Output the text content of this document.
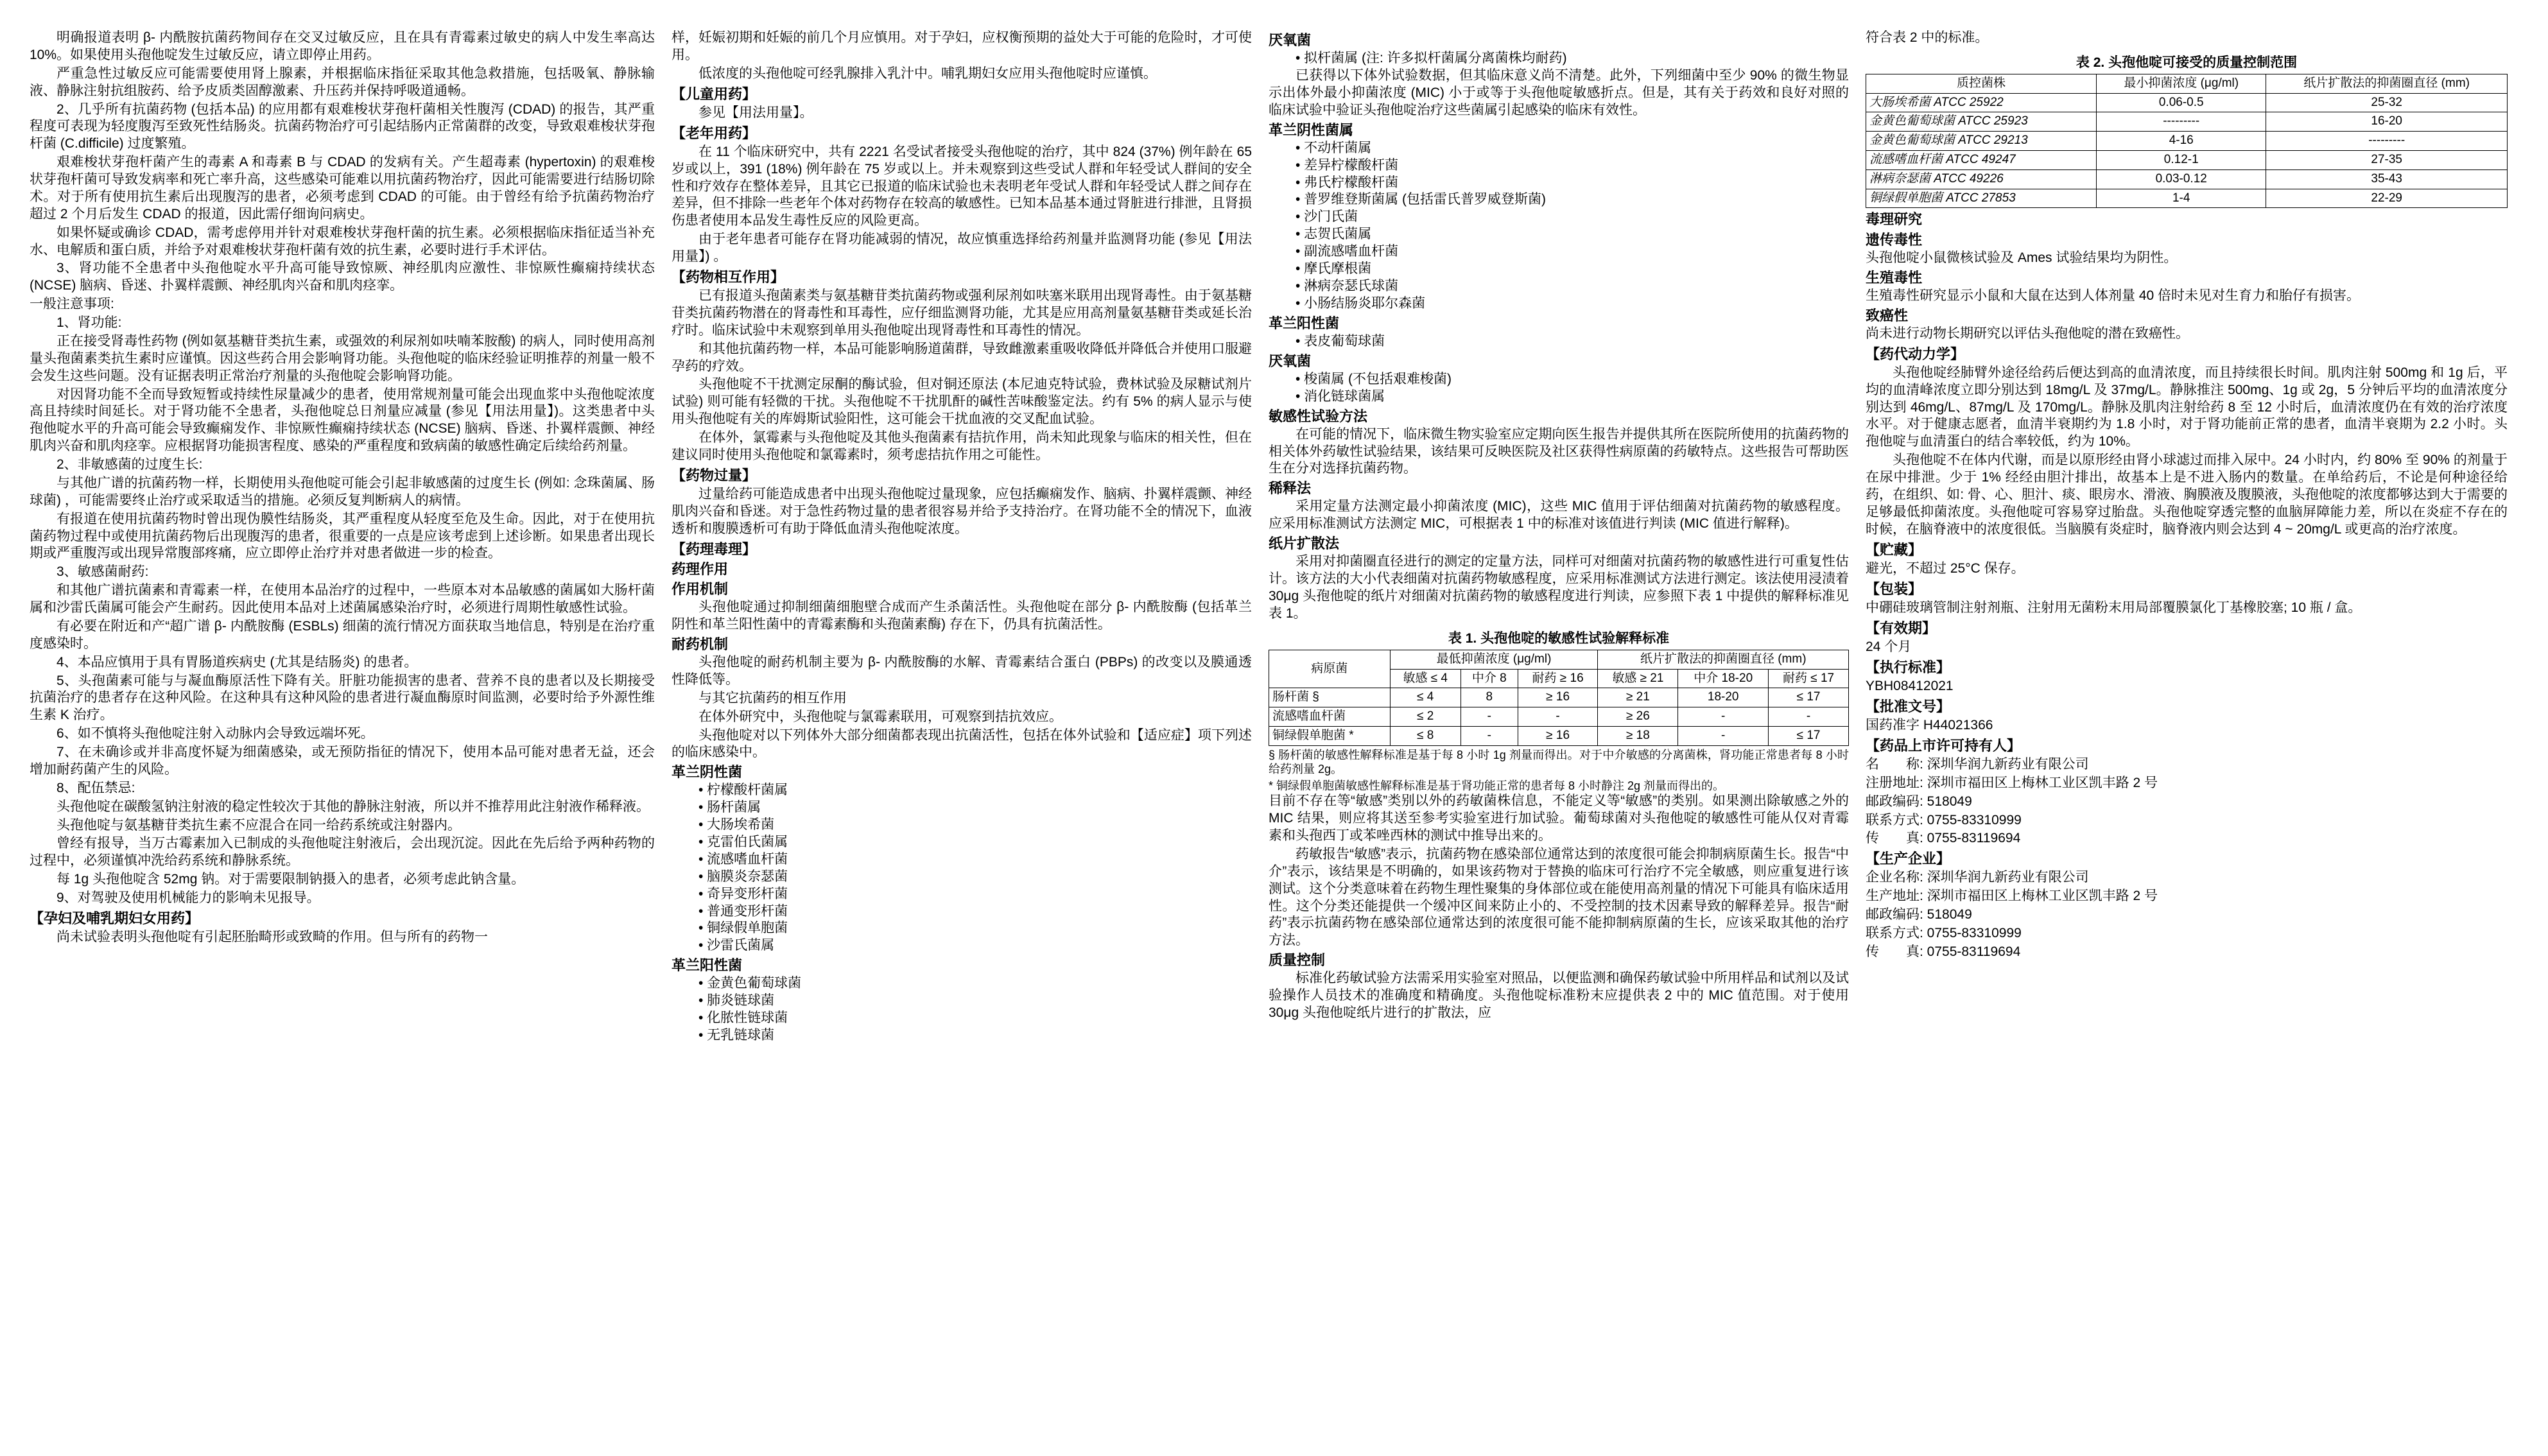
明确报道表明 β- 内酰胺抗菌药物间存在交叉过敏反应，且在具有青霉素过敏史的病人中发生率高达 10%。如果使用头孢他啶发生过敏反应，请立即停止用药。

严重急性过敏反应可能需要使用肾上腺素，并根据临床指征采取其他急救措施，包括吸氧、静脉输液、静脉注射抗组胺药、给予皮质类固醇激素、升压药并保持呼吸道通畅。

2、几乎所有抗菌药物 (包括本品) 的应用都有艰难梭状芽孢杆菌相关性腹泻 (CDAD) 的报告，其严重程度可表现为轻度腹泻至致死性结肠炎。抗菌药物治疗可引起结肠内正常菌群的改变，导致艰难梭状芽孢杆菌 (C.difficile) 过度繁殖。

艰难梭状芽孢杆菌产生的毒素 A 和毒素 B 与 CDAD 的发病有关。产生超毒素 (hypertoxin) 的艰难梭状芽孢杆菌可导致发病率和死亡率升高，这些感染可能难以用抗菌药物治疗，因此可能需要进行结肠切除术。对于所有使用抗生素后出现腹泻的患者，必须考虑到 CDAD 的可能。由于曾经有给予抗菌药物治疗超过 2 个月后发生 CDAD 的报道，因此需仔细询问病史。

如果怀疑或确诊 CDAD，需考虑停用并针对艰难梭状芽孢杆菌的抗生素。必须根据临床指征适当补充水、电解质和蛋白质，并给予对艰难梭状芽孢杆菌有效的抗生素，必要时进行手术评估。

3、肾功能不全患者中头孢他啶水平升高可能导致惊厥、神经肌肉应激性、非惊厥性癫痫持续状态 (NCSE) 脑病、昏迷、扑翼样震颤、神经肌肉兴奋和肌肉痉挛。

一般注意事项:

1、肾功能:

正在接受肾毒性药物 (例如氨基糖苷类抗生素，或强效的利尿剂如呋喃苯胺酸) 的病人，同时使用高剂量头孢菌素类抗生素时应谨慎。因这些药合用会影响肾功能。头孢他啶的临床经验证明推荐的剂量一般不会发生这些问题。没有证据表明正常治疗剂量的头孢他啶会影响肾功能。

对因肾功能不全而导致短暂或持续性尿量减少的患者，使用常规剂量可能会出现血浆中头孢他啶浓度高且持续时间延长。对于肾功能不全患者，头孢他啶总日剂量应减量 (参见【用法用量】)。这类患者中头孢他啶水平的升高可能会导致癫痫发作、非惊厥性癫痫持续状态 (NCSE) 脑病、昏迷、扑翼样震颤、神经肌肉兴奋和肌肉痉挛。应根据肾功能损害程度、感染的严重程度和致病菌的敏感性确定后续给药剂量。

2、非敏感菌的过度生长:

与其他广谱的抗菌药物一样，长期使用头孢他啶可能会引起非敏感菌的过度生长 (例如: 念珠菌属、肠球菌) ，可能需要终止治疗或采取适当的措施。必须反复判断病人的病情。

有报道在使用抗菌药物时曾出现伪膜性结肠炎，其严重程度从轻度至危及生命。因此，对于在使用抗菌药物过程中或使用抗菌药物后出现腹泻的患者，很重要的一点是应该考虑到上述诊断。如果患者出现长期或严重腹泻或出现异常腹部疼痛，应立即停止治疗并对患者做进一步的检查。

3、敏感菌耐药:

和其他广谱抗菌素和青霉素一样，在使用本品治疗的过程中，一些原本对本品敏感的菌属如大肠杆菌属和沙雷氏菌属可能会产生耐药。因此使用本品对上述菌属感染治疗时，必须进行周期性敏感性试验。

有必要在附近和产“超广谱 β- 内酰胺酶 (ESBLs) 细菌的流行情况方面获取当地信息，特别是在治疗重度感染时。

4、本品应慎用于具有胃肠道疾病史 (尤其是结肠炎) 的患者。

5、头孢菌素可能与与凝血酶原活性下降有关。肝脏功能损害的患者、营养不良的患者以及长期接受抗菌治疗的患者存在这种风险。在这种具有这种风险的患者进行凝血酶原时间监测，必要时给予外源性维生素 K 治疗。

6、如不慎将头孢他啶注射入动脉内会导致远端坏死。

7、在未确诊或并非高度怀疑为细菌感染，或无预防指征的情况下，使用本品可能对患者无益，还会增加耐药菌产生的风险。

8、配伍禁忌:

头孢他啶在碳酸氢钠注射液的稳定性较次于其他的静脉注射液，所以并不推荐用此注射液作稀释液。

头孢他啶与氨基糖苷类抗生素不应混合在同一给药系统或注射器内。

曾经有报导，当万古霉素加入已制成的头孢他啶注射液后，会出现沉淀。因此在先后给予两种药物的过程中，必须谨慎冲洗给药系统和静脉系统。

每 1g 头孢他啶含 52mg 钠。对于需要限制钠摄入的患者，必须考虑此钠含量。

9、对驾驶及使用机械能力的影响未见报导。

【孕妇及哺乳期妇女用药】

尚未试验表明头孢他啶有引起胚胎畸形或致畸的作用。但与所有的药物一

样，妊娠初期和妊娠的前几个月应慎用。对于孕妇，应权衡预期的益处大于可能的危险时，才可使用。

低浓度的头孢他啶可经乳腺排入乳汁中。哺乳期妇女应用头孢他啶时应谨慎。

【儿童用药】

参见【用法用量】。

【老年用药】

在 11 个临床研究中，共有 2221 名受试者接受头孢他啶的治疗，其中 824 (37%) 例年龄在 65 岁或以上，391 (18%) 例年龄在 75 岁或以上。并未观察到这些受试人群和年轻受试人群间的安全性和疗效存在整体差异，且其它已报道的临床试验也未表明老年受试人群和年轻受试人群之间存在差异，但不排除一些老年个体对药物存在较高的敏感性。已知本品基本通过肾脏进行排泄，且肾损伤患者使用本品发生毒性反应的风险更高。

由于老年患者可能存在肾功能减弱的情况，故应慎重选择给药剂量并监测肾功能 (参见【用法用量】) 。

【药物相互作用】

已有报道头孢菌素类与氨基糖苷类抗菌药物或强利尿剂如呋塞米联用出现肾毒性。由于氨基糖苷类抗菌药物潜在的肾毒性和耳毒性，应仔细监测肾功能，尤其是应用高剂量氨基糖苷类或延长治疗时。临床试验中未观察到单用头孢他啶出现肾毒性和耳毒性的情况。

和其他抗菌药物一样，本品可能影响肠道菌群，导致雌激素重吸收降低并降低合并使用口服避孕药的疗效。

头孢他啶不干扰测定尿酮的酶试验，但对铜还原法 (本尼迪克特试验，费林试验及尿糖试剂片试验) 则可能有轻微的干扰。头孢他啶不干扰肌酐的碱性苦味酸鉴定法。约有 5% 的病人显示与使用头孢他啶有关的库姆斯试验阳性，这可能会干扰血液的交叉配血试验。

在体外，氯霉素与头孢他啶及其他头孢菌素有拮抗作用，尚未知此现象与临床的相关性，但在建议同时使用头孢他啶和氯霉素时，须考虑拮抗作用之可能性。

【药物过量】

过量给药可能造成患者中出现头孢他啶过量现象，应包括癫痫发作、脑病、扑翼样震颤、神经肌肉兴奋和昏迷。对于急性药物过量的患者很容易并给予支持治疗。在肾功能不全的情况下，血液透析和腹膜透析可有助于降低血清头孢他啶浓度。

【药理毒理】

药理作用

作用机制

头孢他啶通过抑制细菌细胞壁合成而产生杀菌活性。头孢他啶在部分 β- 内酰胺酶 (包括革兰阴性和革兰阳性菌中的青霉素酶和头孢菌素酶) 存在下，仍具有抗菌活性。

耐药机制

头孢他啶的耐药机制主要为 β- 内酰胺酶的水解、青霉素结合蛋白 (PBPs) 的改变以及膜通透性降低等。

与其它抗菌药的相互作用

在体外研究中，头孢他啶与氯霉素联用，可观察到拮抗效应。

头孢他啶对以下列体外大部分细菌都表现出抗菌活性，包括在体外试验和【适应症】项下列述的临床感染中。

革兰阴性菌

• 柠檬酸杆菌属

• 肠杆菌属

• 大肠埃希菌

• 克雷伯氏菌属

• 流感嗜血杆菌

• 脑膜炎奈瑟菌

• 奇异变形杆菌

• 普通变形杆菌

• 铜绿假单胞菌

• 沙雷氏菌属

革兰阳性菌

• 金黄色葡萄球菌

• 肺炎链球菌

• 化脓性链球菌

• 无乳链球菌

厌氧菌

• 拟杆菌属 (注: 许多拟杆菌属分离菌株均耐药)

已获得以下体外试验数据，但其临床意义尚不清楚。此外，下列细菌中至少 90% 的微生物显示出体外最小抑菌浓度 (MIC) 小于或等于头孢他啶敏感折点。但是，其有关于药效和良好对照的临床试验中验证头孢他啶治疗这些菌属引起感染的临床有效性。

革兰阴性菌属

• 不动杆菌属

• 差异柠檬酸杆菌

• 弗氏柠檬酸杆菌

• 普罗维登斯菌属 (包括雷氏普罗威登斯菌)

• 沙门氏菌

• 志贺氏菌属

• 副流感嗜血杆菌

• 摩氏摩根菌

• 淋病奈瑟氏球菌

• 小肠结肠炎耶尔森菌

革兰阳性菌

• 表皮葡萄球菌

厌氧菌

• 梭菌属 (不包括艰难梭菌)

• 消化链球菌属

敏感性试验方法

在可能的情况下，临床微生物实验室应定期向医生报告并提供其所在医院所使用的抗菌药物的相关体外药敏性试验结果，该结果可反映医院及社区获得性病原菌的药敏特点。这些报告可帮助医生在分对选择抗菌药物。

稀释法

采用定量方法测定最小抑菌浓度 (MIC)，这些 MIC 值用于评估细菌对抗菌药物的敏感程度。应采用标准测试方法测定 MIC，可根据表 1 中的标准对该值进行判读 (MIC 值进行解释)。

纸片扩散法

采用对抑菌圈直径进行的测定的定量方法，同样可对细菌对抗菌药物的敏感性进行可重复性估计。该方法的大小代表细菌对抗菌药物敏感程度，应采用标准测试方法进行测定。该法使用浸渍着 30μg 头孢他啶的纸片对细菌对抗菌药物的敏感程度进行判读，应参照下表 1 中提供的解释标准见表 1。

表 1. 头孢他啶的敏感性试验解释标准
病原菌	最低抑菌浓度 (μg/ml)			纸片扩散法的抑菌圈直径 (mm)		
	敏感 ≤ 4	中介 8	耐药 ≥ 16	敏感 ≥ 21	中介 18-20	耐药 ≤ 17
肠杆菌 §	≤ 4	8	≥ 16	≥ 21	18-20	≤ 17
流感嗜血杆菌	≤ 2	-	-	≥ 26	-	-
铜绿假单胞菌 *	≤ 8	-	≥ 16	≥ 18	-	≤ 17

§ 肠杆菌的敏感性解释标准是基于每 8 小时 1g 剂量而得出。对于中介敏感的分离菌株，肾功能正常患者每 8 小时给药剂量 2g。

* 铜绿假单胞菌敏感性解释标准是基于肾功能正常的患者每 8 小时静注 2g 剂量而得出的。

目前不存在等“敏感”类别以外的药敏菌株信息，不能定义等“敏感”的类别。如果测出除敏感之外的 MIC 结果，则应将其送至参考实验室进行加试验。葡萄球菌对头孢他啶的敏感性可能从仅对青霉素和头孢西丁或苯唑西林的测试中推导出来的。

药敏报告“敏感”表示，抗菌药物在感染部位通常达到的浓度很可能会抑制病原菌生长。报告“中介”表示，该结果是不明确的，如果该药物对于替换的临床可行治疗不完全敏感，则应重复进行该测试。这个分类意味着在药物生理性聚集的身体部位或在能使用高剂量的情况下可能具有临床适用性。这个分类还能提供一个缓冲区间来防止小的、不受控制的技术因素导致的解释差异。报告“耐药”表示抗菌药物在感染部位通常达到的浓度很可能不能抑制病原菌的生长，应该采取其他的治疗方法。

质量控制

标准化药敏试验方法需采用实验室对照品，以便监测和确保药敏试验中所用样品和试剂以及试验操作人员技术的准确度和精确度。头孢他啶标准粉末应提供表 2 中的 MIC 值范围。对于使用 30μg 头孢他啶纸片进行的扩散法，应

符合表 2 中的标准。

表 2. 头孢他啶可接受的质量控制范围
质控菌株	最小抑菌浓度 (μg/ml)	纸片扩散法的抑菌圈直径 (mm)
大肠埃希菌 ATCC 25922	0.06-0.5	25-32
金黄色葡萄球菌 ATCC 25923	---------	16-20
金黄色葡萄球菌 ATCC 29213	4-16	---------
流感嗜血杆菌 ATCC 49247	0.12-1	27-35
淋病奈瑟菌 ATCC 49226	0.03-0.12	35-43
铜绿假单胞菌 ATCC 27853	1-4	22-29

毒理研究

遗传毒性

头孢他啶小鼠微核试验及 Ames 试验结果均为阴性。

生殖毒性

生殖毒性研究显示小鼠和大鼠在达到人体剂量 40 倍时未见对生育力和胎仔有损害。

致癌性

尚未进行动物长期研究以评估头孢他啶的潜在致癌性。

【药代动力学】

头孢他啶经肺臂外途径给药后便达到高的血清浓度，而且持续很长时间。肌肉注射 500mg 和 1g 后，平均的血清峰浓度立即分别达到 18mg/L 及 37mg/L。静脉推注 500mg、1g 或 2g，5 分钟后平均的血清浓度分别达到 46mg/L、87mg/L 及 170mg/L。静脉及肌肉注射给药 8 至 12 小时后，血清浓度仍在有效的治疗浓度水平。对于健康志愿者，血清半衰期约为 1.8 小时，对于肾功能前正常的患者，血清半衰期为 2.2 小时。头孢他啶与血清蛋白的结合率较低，约为 10%。

头孢他啶不在体内代谢，而是以原形经由肾小球滤过而排入尿中。24 小时内，约 80% 至 90% 的剂量于在尿中排泄。少于 1% 经经由胆汁排出，故基本上是不进入肠内的数量。在单给药后，不论是何种途径给药，在组织、如: 骨、心、胆汁、痰、眼房水、滑液、胸膜液及腹膜液，头孢他啶的浓度都够达到大于需要的足够最低抑菌浓度。头孢他啶可容易穿过胎盘。头孢他啶穿透完整的血脑屏障能力差，所以在炎症不存在的时候，在脑脊液中的浓度很低。当脑膜有炎症时，脑脊液内则会达到 4 ~ 20mg/L 或更高的治疗浓度。

【贮藏】

避光，不超过 25°C 保存。

【包装】

中硼硅玻璃管制注射剂瓶、注射用无菌粉末用局部覆膜氯化丁基橡胶塞; 10 瓶 / 盒。

【有效期】

24 个月

【执行标准】

YBH08412021

【批准文号】

国药准字 H44021366

【药品上市许可持有人】

名　　称: 深圳华润九新药业有限公司

注册地址: 深圳市福田区上梅林工业区凯丰路 2 号

邮政编码: 518049

联系方式: 0755-83310999

传　　真: 0755-83119694

【生产企业】

企业名称: 深圳华润九新药业有限公司

生产地址: 深圳市福田区上梅林工业区凯丰路 2 号

邮政编码: 518049

联系方式: 0755-83310999

传　　真: 0755-83119694
